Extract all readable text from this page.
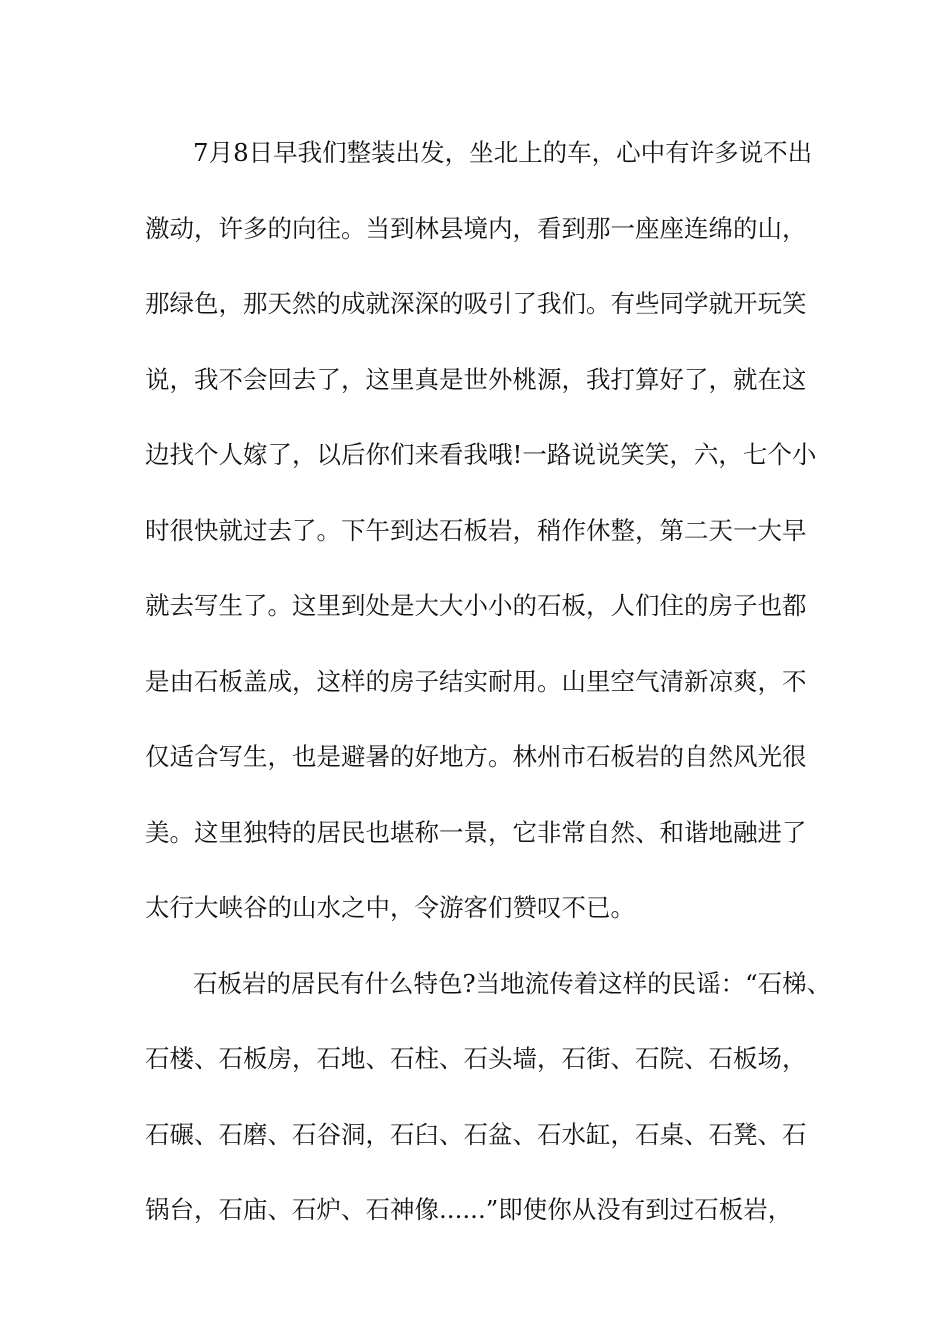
7月8日早我们整装出发，坐北上的车，心中有许多说不出
激动，许多的向往。当到林县境内，看到那一座座连绵的山，
那绿色，那天然的成就深深的吸引了我们。有些同学就开玩笑
说，我不会回去了，这里真是世外桃源，我打算好了，就在这
边找个人嫁了，以后你们来看我哦!一路说说笑笑，六，七个小
时很快就过去了。下午到达石板岩，稍作休整，第二天一大早
就去写生了。这里到处是大大小小的石板，人们住的房子也都
是由石板盖成，这样的房子结实耐用。山里空气清新凉爽，不
仅适合写生，也是避暑的好地方。林州市石板岩的自然风光很
美。这里独特的居民也堪称一景，它非常自然、和谐地融进了
太行大峡谷的山水之中，令游客们赞叹不已。
石板岩的居民有什么特色?当地流传着这样的民谣：“石梯、
石楼、石板房，石地、石柱、石头墙，石街、石院、石板场，
石碾、石磨、石谷洞，石臼、石盆、石水缸，石桌、石凳、石
锅台，石庙、石炉、石神像......”即使你从没有到过石板岩，
